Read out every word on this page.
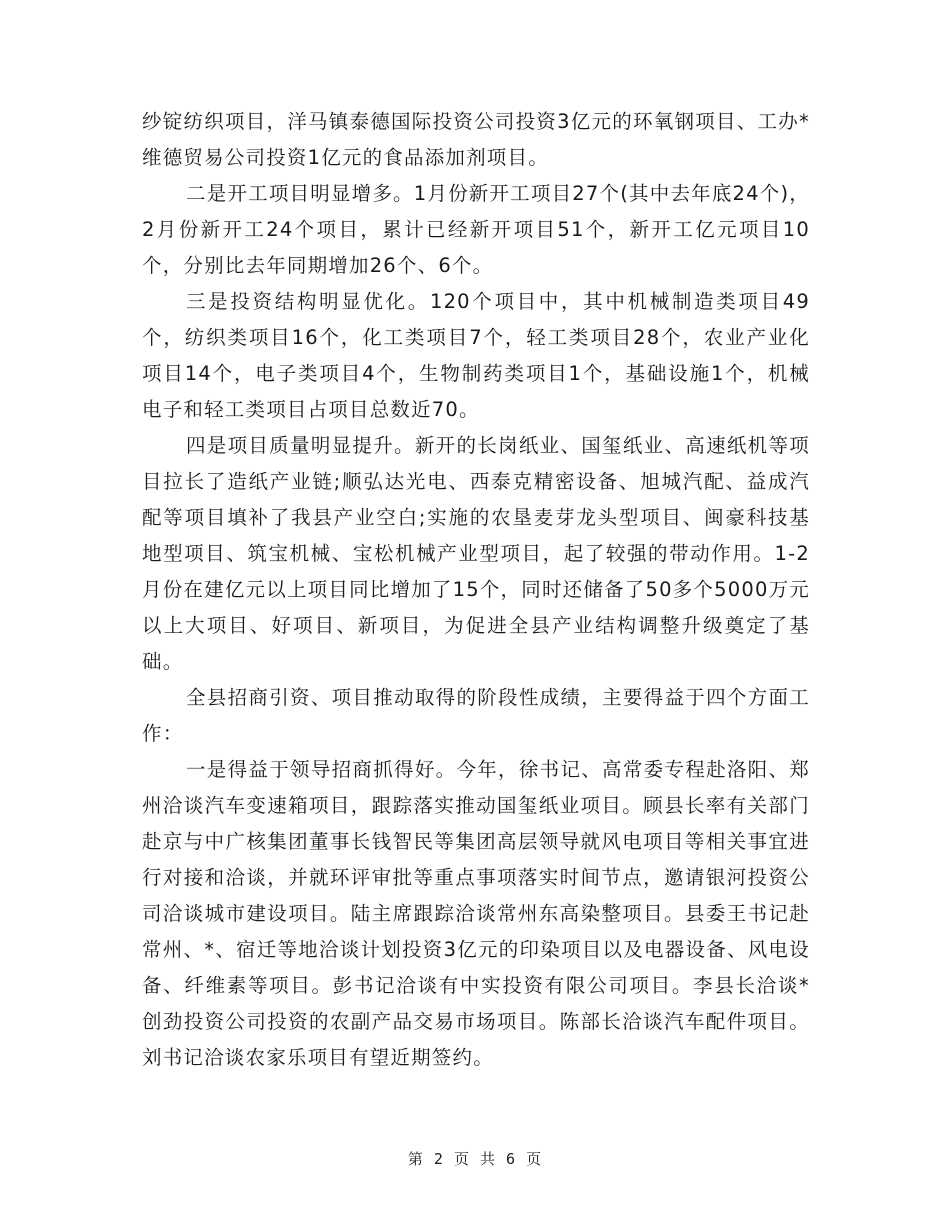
纱锭纺织项目，洋马镇泰德国际投资公司投资3亿元的环氧钢项目、工办*维德贸易公司投资1亿元的食品添加剂项目。

二是开工项目明显增多。1月份新开工项目27个(其中去年底24个)，2月份新开工24个项目，累计已经新开项目51个，新开工亿元项目10个，分别比去年同期增加26个、6个。

三是投资结构明显优化。120个项目中，其中机械制造类项目49个，纺织类项目16个，化工类项目7个，轻工类项目28个，农业产业化项目14个，电子类项目4个，生物制药类项目1个，基础设施1个，机械电子和轻工类项目占项目总数近70。

四是项目质量明显提升。新开的长岗纸业、国玺纸业、高速纸机等项目拉长了造纸产业链;顺弘达光电、西泰克精密设备、旭城汽配、益成汽配等项目填补了我县产业空白;实施的农垦麦芽龙头型项目、闽豪科技基地型项目、筑宝机械、宝松机械产业型项目，起了较强的带动作用。1-2月份在建亿元以上项目同比增加了15个，同时还储备了50多个5000万元以上大项目、好项目、新项目，为促进全县产业结构调整升级奠定了基础。

全县招商引资、项目推动取得的阶段性成绩，主要得益于四个方面工作：

一是得益于领导招商抓得好。今年，徐书记、高常委专程赴洛阳、郑州洽谈汽车变速箱项目，跟踪落实推动国玺纸业项目。顾县长率有关部门赴京与中广核集团董事长钱智民等集团高层领导就风电项目等相关事宜进行对接和洽谈，并就环评审批等重点事项落实时间节点，邀请银河投资公司洽谈城市建设项目。陆主席跟踪洽谈常州东高染整项目。县委王书记赴常州、*、宿迁等地洽谈计划投资3亿元的印染项目以及电器设备、风电设备、纤维素等项目。彭书记洽谈有中实投资有限公司项目。李县长洽谈*创劲投资公司投资的农副产品交易市场项目。陈部长洽谈汽车配件项目。刘书记洽谈农家乐项目有望近期签约。

第 2 页 共 6 页
